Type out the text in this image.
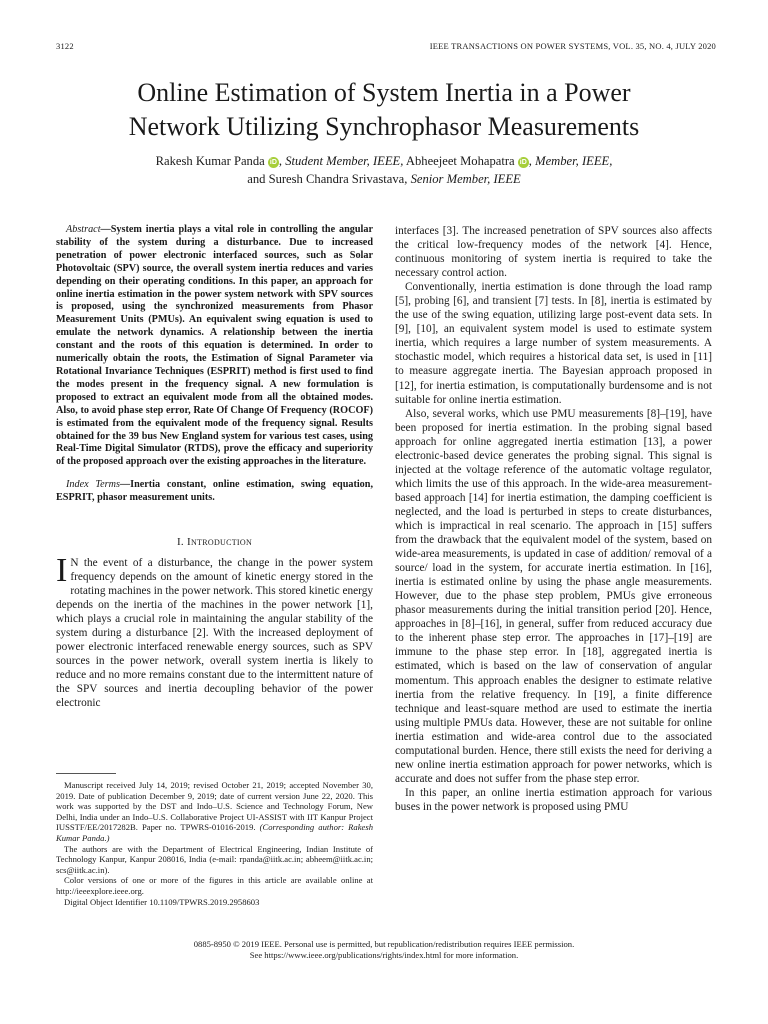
3122	IEEE TRANSACTIONS ON POWER SYSTEMS, VOL. 35, NO. 4, JULY 2020
Online Estimation of System Inertia in a Power
Network Utilizing Synchrophasor Measurements
Rakesh Kumar Panda iD , Student Member, IEEE, Abheejeet Mohapatra iD , Member, IEEE,
and Suresh Chandra Srivastava, Senior Member, IEEE

Abstract—System inertia plays a vital role in controlling the angular stability of the system during a disturbance. Due to increased penetration of power electronic interfaced sources, such as Solar Photovoltaic (SPV) source, the overall system inertia reduces and varies depending on their operating conditions. In this paper, an approach for online inertia estimation in the power system network with SPV sources is proposed, using the synchronized measurements from Phasor Measurement Units (PMUs). An equivalent swing equation is used to emulate the network dynamics. A relationship between the inertia constant and the roots of this equation is determined. In order to numerically obtain the roots, the Estimation of Signal Parameter via Rotational Invariance Techniques (ESPRIT) method is first used to find the modes present in the frequency signal. A new formulation is proposed to extract an equivalent mode from all the obtained modes. Also, to avoid phase step error, Rate Of Change Of Frequency (ROCOF) is estimated from the equivalent mode of the frequency signal. Results obtained for the 39 bus New England system for various test cases, using Real-Time Digital Simulator (RTDS), prove the efficacy and superiority of the proposed approach over the existing approaches in the literature.

Index Terms—Inertia constant, online estimation, swing equation, ESPRIT, phasor measurement units.

I. Introduction

I N the event of a disturbance, the change in the power system frequency depends on the amount of kinetic energy stored in the rotating machines in the power network. This stored kinetic energy depends on the inertia of the machines in the power network [1], which plays a crucial role in maintaining the angular stability of the system during a disturbance [2]. With the increased deployment of power electronic interfaced renewable energy sources, such as SPV sources in the power network, overall system inertia is likely to reduce and no more remains constant due to the intermittent nature of the SPV sources and inertia decoupling behavior of the power electronic

Manuscript received July 14, 2019; revised October 21, 2019; accepted November 30, 2019. Date of publication December 9, 2019; date of current version June 22, 2020. This work was supported by the DST and Indo–U.S. Science and Technology Forum, New Delhi, India under an Indo–U.S. Collaborative Project UI-ASSIST with IIT Kanpur Project IUSSTF/EE/2017282B. Paper no. TPWRS-01016-2019. (Corresponding author: Rakesh Kumar Panda.)

The authors are with the Department of Electrical Engineering, Indian Institute of Technology Kanpur, Kanpur 208016, India (e-mail: rpanda@iitk.ac.in; abheem@iitk.ac.in; scs@iitk.ac.in).

Color versions of one or more of the figures in this article are available online at http://ieeexplore.ieee.org.

Digital Object Identifier 10.1109/TPWRS.2019.2958603

interfaces [3]. The increased penetration of SPV sources also affects the critical low-frequency modes of the network [4]. Hence, continuous monitoring of system inertia is required to take the necessary control action.

Conventionally, inertia estimation is done through the load ramp [5], probing [6], and transient [7] tests. In [8], inertia is estimated by the use of the swing equation, utilizing large post-event data sets. In [9], [10], an equivalent system model is used to estimate system inertia, which requires a large number of system measurements. A stochastic model, which requires a historical data set, is used in [11] to measure aggregate inertia. The Bayesian approach proposed in [12], for inertia estimation, is computationally burdensome and is not suitable for online inertia estimation.

Also, several works, which use PMU measurements [8]–[19], have been proposed for inertia estimation. In the probing signal based approach for online aggregated inertia estimation [13], a power electronic-based device generates the probing signal. This signal is injected at the voltage reference of the automatic voltage regulator, which limits the use of this approach. In the wide-area measurement-based approach [14] for inertia estimation, the damping coefficient is neglected, and the load is perturbed in steps to create disturbances, which is impractical in real scenario. The approach in [15] suffers from the drawback that the equivalent model of the system, based on wide-area measurements, is updated in case of addition/ removal of a source/ load in the system, for accurate inertia estimation. In [16], inertia is estimated online by using the phase angle measurements. However, due to the phase step problem, PMUs give erroneous phasor measurements during the initial transition period [20]. Hence, approaches in [8]–[16], in general, suffer from reduced accuracy due to the inherent phase step error. The approaches in [17]–[19] are immune to the phase step error. In [18], aggregated inertia is estimated, which is based on the law of conservation of angular momentum. This approach enables the designer to estimate relative inertia from the relative frequency. In [19], a finite difference technique and least-square method are used to estimate the inertia using multiple PMUs data. However, these are not suitable for online inertia estimation and wide-area control due to the associated computational burden. Hence, there still exists the need for deriving a new online inertia estimation approach for power networks, which is accurate and does not suffer from the phase step error.

In this paper, an online inertia estimation approach for various buses in the power network is proposed using PMU

0885-8950 © 2019 IEEE. Personal use is permitted, but republication/redistribution requires IEEE permission.
See https://www.ieee.org/publications/rights/index.html for more information.
